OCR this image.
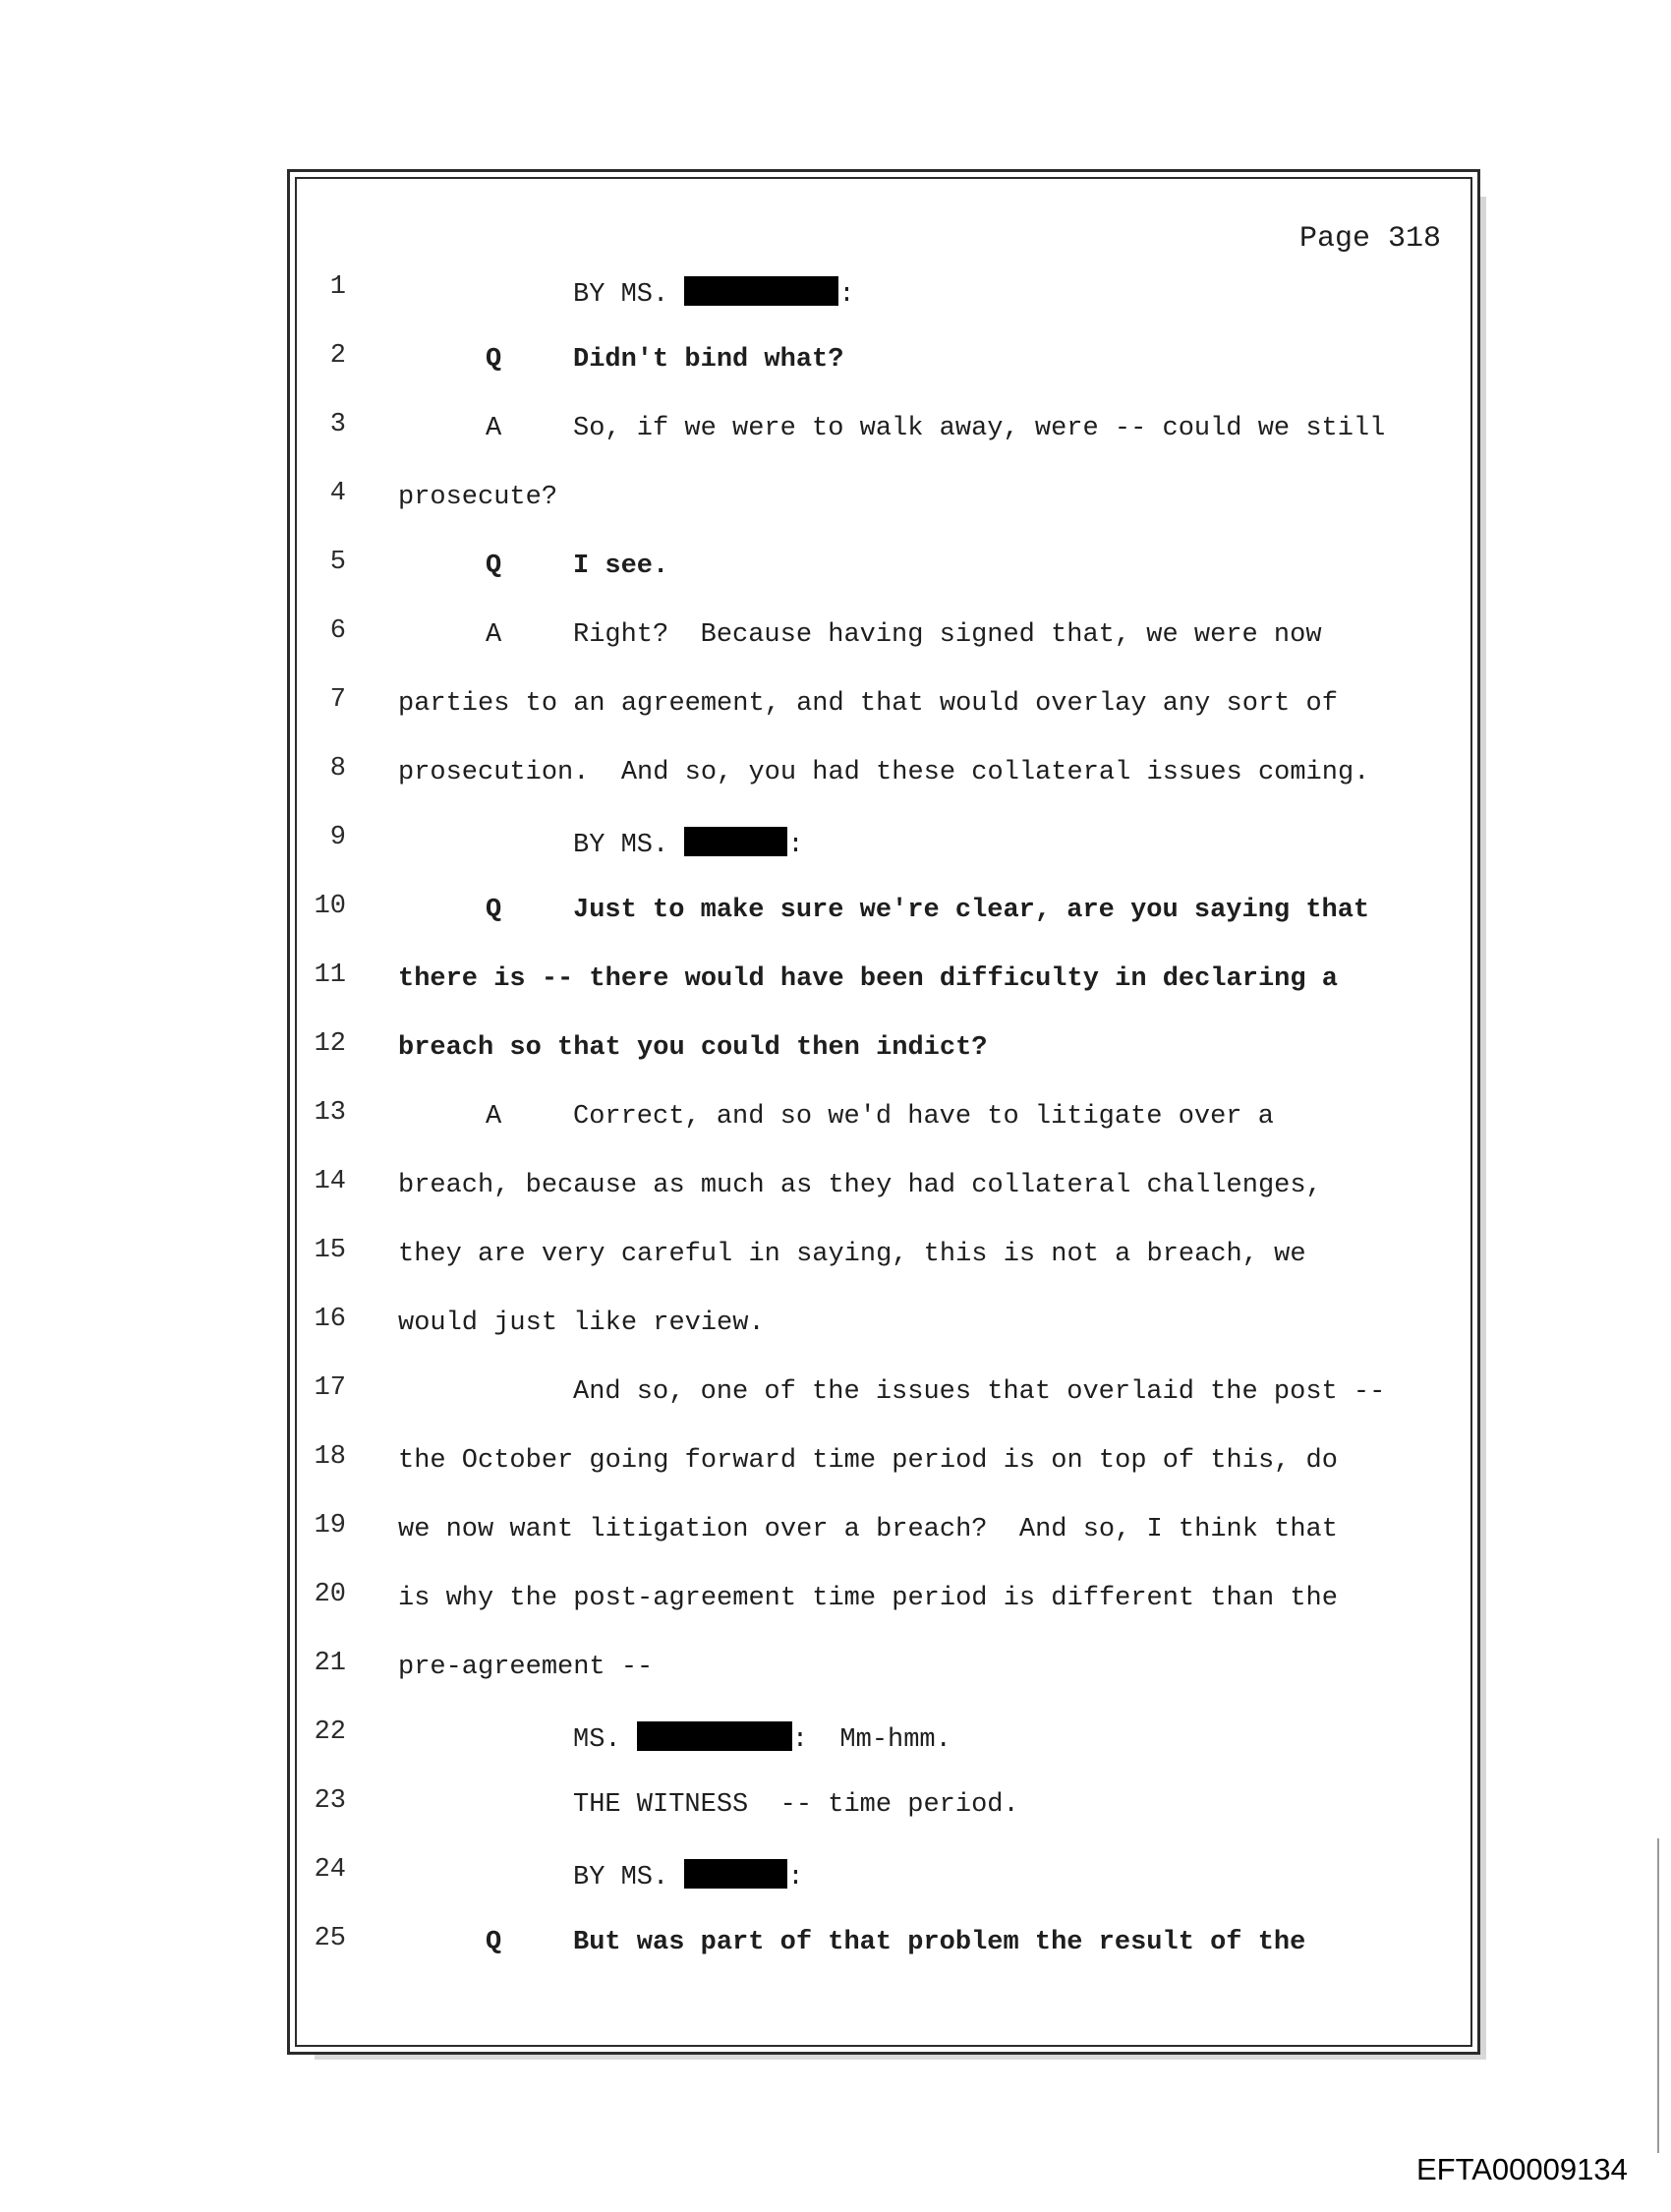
Page 318
1	BY MS.	:
2	Q	Didn't bind what?
3	A	So, if we were to walk away, were -- could we still
4 prosecute?
5	Q	I see.
6	A	Right?  Because having signed that, we were now
7 parties to an agreement, and that would overlay any sort of
8 prosecution.  And so, you had these collateral issues coming.
9	BY MS.	:
10	Q	Just to make sure we're clear, are you saying that
11 there is -- there would have been difficulty in declaring a
12 breach so that you could then indict?
13	A	Correct, and so we'd have to litigate over a
14 breach, because as much as they had collateral challenges,
15 they are very careful in saying, this is not a breach, we
16 would just like review.
17	And so, one of the issues that overlaid the post --
18 the October going forward time period is on top of this, do
19 we now want litigation over a breach?  And so, I think that
20 is why the post-agreement time period is different than the
21 pre-agreement --
22	MS.	:  Mm-hmm.
23	THE WITNESS  -- time period.
24	BY MS.	:
25	Q	But was part of that problem the result of the
EFTA00009134
